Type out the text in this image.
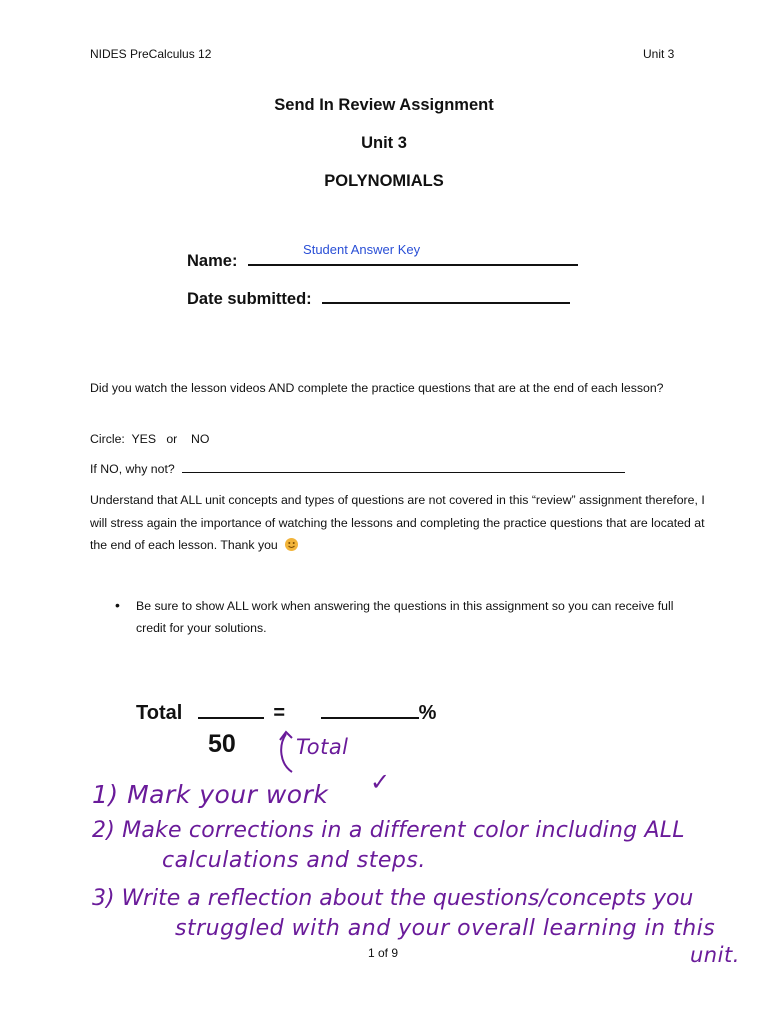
NIDES PreCalculus 12	Unit 3
Send In Review Assignment
Unit 3
POLYNOMIALS
Name:
Student Answer Key
Date submitted:
Did you watch the lesson videos AND complete the practice questions that are at the end of each lesson?
Circle: YES or NO
If NO, why not?
Understand that ALL unit concepts and types of questions are not covered in this “review” assignment therefore, I will stress again the importance of watching the lessons and completing the practice questions that are located at the end of each lesson. Thank you
• Be sure to show ALL work when answering the questions in this assignment so you can receive full credit for your solutions.
Total	=	%
50	Total
1) Mark your work ✓
2) Make corrections in a different color including ALL
calculations and steps.
3) Write a reflection about the questions/concepts you
struggled with and your overall learning in this
unit.
1 of 9
